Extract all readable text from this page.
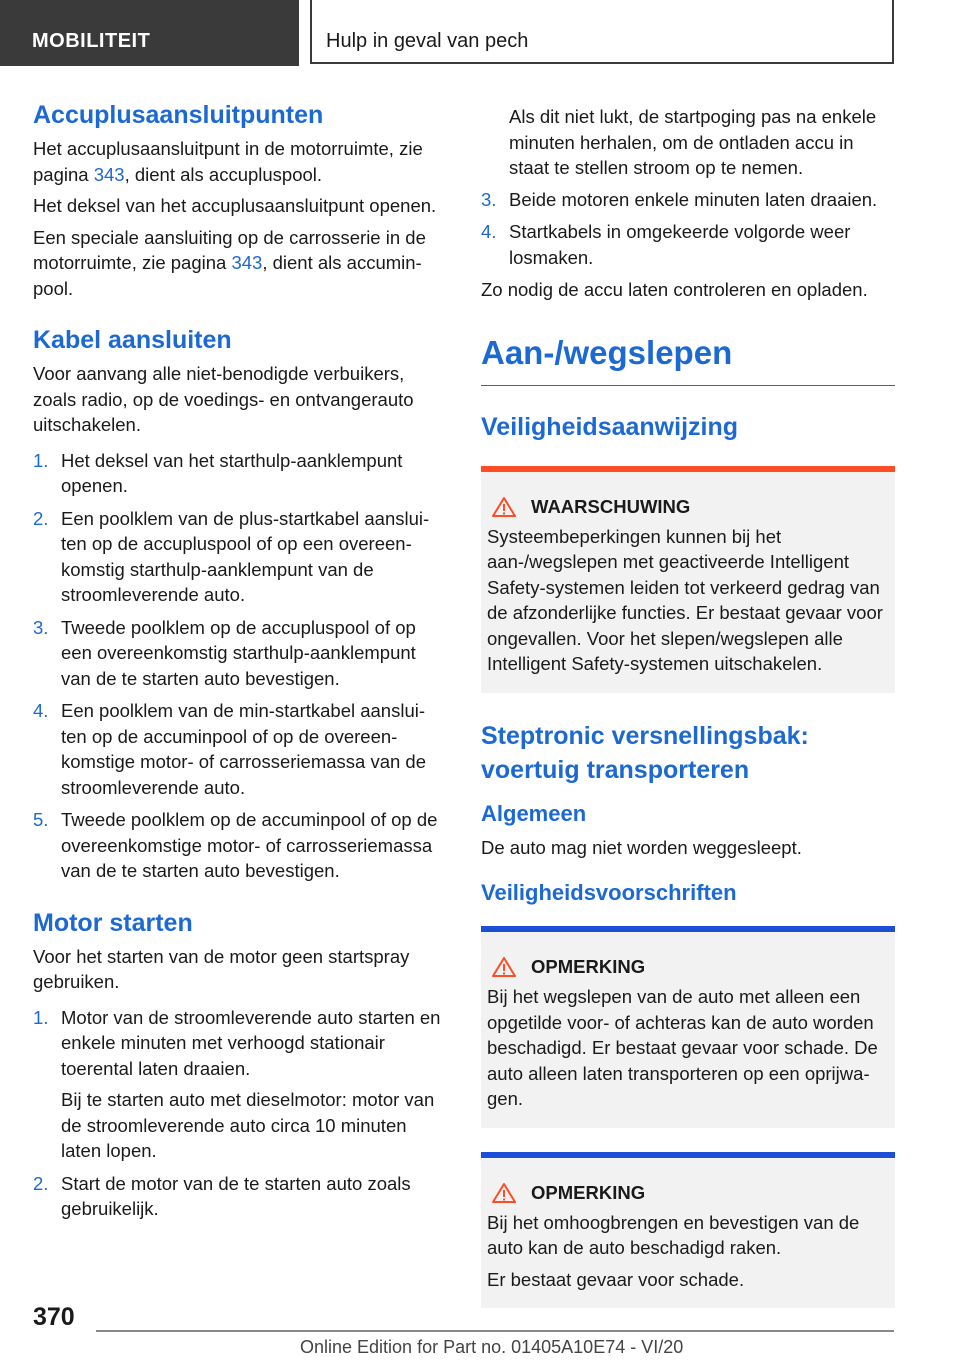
MOBILITEIT	Hulp in geval van pech
Accuplusaansluitpunten

Het accuplusaansluitpunt in de motorruimte, zie pagina 343, dient als accupluspool.

Het deksel van het accuplusaansluitpunt openen.

Een speciale aansluiting op de carrosserie in de motorruimte, zie pagina 343, dient als accuminpool.

Kabel aansluiten

Voor aanvang alle niet-benodigde verbuikers, zoals radio, op de voedings- en ontvangerauto uitschakelen.

1. Het deksel van het starthulp-aanklempunt openen.
2. Een poolklem van de plus-startkabel aansluiten op de accupluspool of op een overeenkomstig starthulp-aanklempunt van de stroomleverende auto.
3. Tweede poolklem op de accupluspool of op een overeenkomstig starthulp-aanklempunt van de te starten auto bevestigen.
4. Een poolklem van de min-startkabel aansluiten op de accuminpool of op de overeenkomstige motor- of carrosseriemassa van de stroomleverende auto.
5. Tweede poolklem op de accuminpool of op de overeenkomstige motor- of carrosseriemassa van de te starten auto bevestigen.
Motor starten

Voor het starten van de motor geen startspray gebruiken.

1. Motor van de stroomleverende auto starten en enkele minuten met verhoogd stationair toerental laten draaien.

Bij te starten auto met dieselmotor: motor van de stroomleverende auto circa 10 minuten laten lopen.

2. Start de motor van de te starten auto zoals gebruikelijk.

Als dit niet lukt, de startpoging pas na enkele minuten herhalen, om de ontladen accu in staat te stellen stroom op te nemen.

3. Beide motoren enkele minuten laten draaien.
4. Startkabels in omgekeerde volgorde weer losmaken.

Zo nodig de accu laten controleren en opladen.

Aan-/wegslepen
Veiligheidsaanwijzing
WAARSCHUWING

Systeembeperkingen kunnen bij het aan-/wegslepen met geactiveerde Intelligent Safety-systemen leiden tot verkeerd gedrag van de afzonderlijke functies. Er bestaat gevaar voor ongevallen. Voor het slepen/wegslepen alle Intelligent Safety-systemen uitschakelen.

Steptronic versnellingsbak: voertuig transporteren
Algemeen

De auto mag niet worden weggesleept.

Veiligheidsvoorschriften
OPMERKING

Bij het wegslepen van de auto met alleen een opgetilde voor- of achteras kan de auto worden beschadigd. Er bestaat gevaar voor schade. De auto alleen laten transporteren op een oprijwagen.

OPMERKING

Bij het omhoogbrengen en bevestigen van de auto kan de auto beschadigd raken.

Er bestaat gevaar voor schade.

370
Online Edition for Part no. 01405A10E74 - VI/20
